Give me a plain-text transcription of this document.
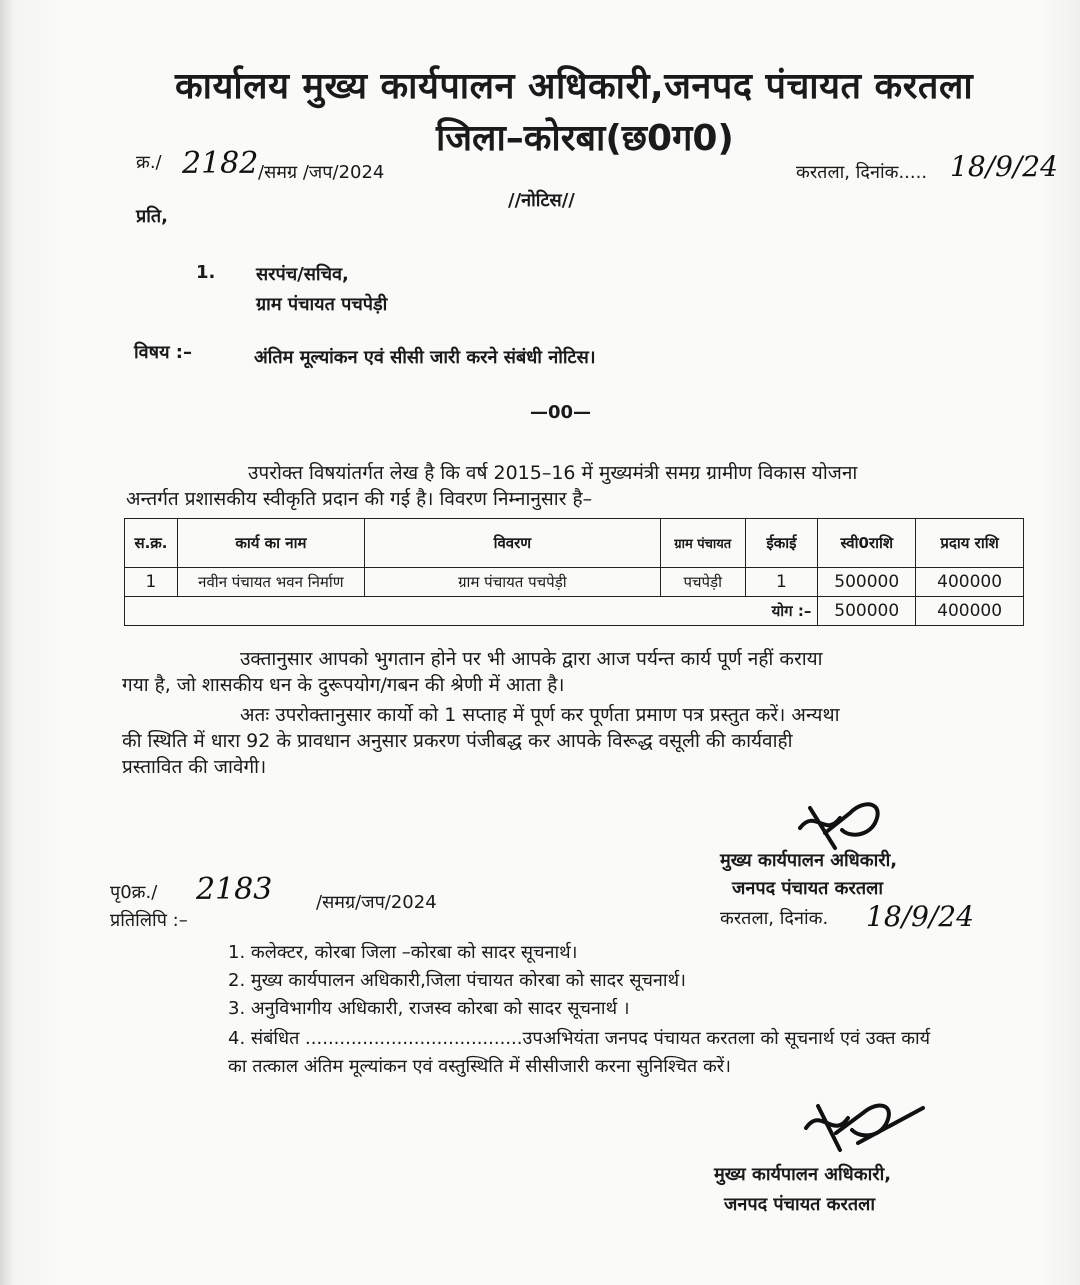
कार्यालय मुख्य कार्यपालन अधिकारी,जनपद पंचायत करतला
जिला–कोरबा(छ0ग0)
क्र./ 2182 /समग्र /जप/2024	करतला, दिनांक..... 18/9/24
//नोटिस//
प्रति,
1. सरपंच/सचिव,
ग्राम पंचायत पचपेड़ी
विषय :–	अंतिम मूल्यांकन एवं सीसी जारी करने संबंधी नोटिस।
—00—
उपरोक्त विषयांतर्गत लेख है कि वर्ष 2015–16 में मुख्यमंत्री समग्र ग्रामीण विकास योजना
अन्तर्गत प्रशासकीय स्वीकृति प्रदान की गई है। विवरण निम्नानुसार है–
स.क्र.	कार्य का नाम	विवरण	ग्राम पंचायत	ईकाई	स्वी0राशि	प्रदाय राशि
1	नवीन पंचायत भवन निर्माण	ग्राम पंचायत पचपेड़ी	पचपेड़ी	1	500000	400000
योग :–					500000	400000
उक्तानुसार आपको भुगतान होने पर भी आपके द्वारा आज पर्यन्त कार्य पूर्ण नहीं कराया
गया है, जो शासकीय धन के दुरूपयोग/गबन की श्रेणी में आता है।
अतः उपरोक्तानुसार कार्यो को 1 सप्ताह में पूर्ण कर पूर्णता प्रमाण पत्र प्रस्तुत करें। अन्यथा
की स्थिति में धारा 92 के प्रावधान अनुसार प्रकरण पंजीबद्ध कर आपके विरूद्ध वसूली की कार्यवाही
प्रस्तावित की जावेगी।
मुख्य कार्यपालन अधिकारी,
जनपद पंचायत करतला
पृ0क्र./ 2183 /समग्र/जप/2024
प्रतिलिपि :–	करतला, दिनांक. 18/9/24
1. कलेक्टर, कोरबा जिला –कोरबा को सादर सूचनार्थ।
2. मुख्य कार्यपालन अधिकारी,जिला पंचायत कोरबा को सादर सूचनार्थ।
3. अनुविभागीय अधिकारी, राजस्व कोरबा को सादर सूचनार्थ ।
4. संबंधित ......................................उपअभियंता जनपद पंचायत करतला को सूचनार्थ एवं उक्त कार्य
का तत्काल अंतिम मूल्यांकन एवं वस्तुस्थिति में सीसीजारी करना सुनिश्चित करें।
मुख्य कार्यपालन अधिकारी,
जनपद पंचायत करतला
